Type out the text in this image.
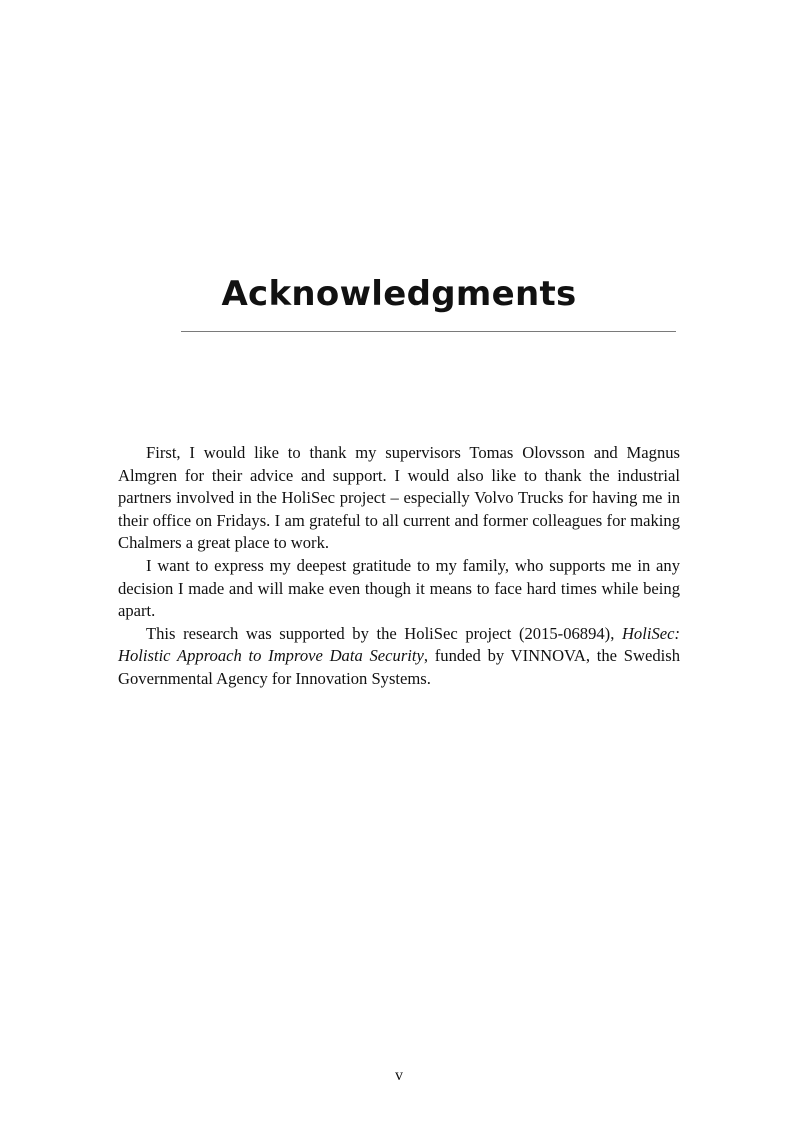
Acknowledgments

First, I would like to thank my supervisors Tomas Olovsson and Magnus Almgren for their advice and support. I would also like to thank the industrial partners involved in the HoliSec project – especially Volvo Trucks for having me in their office on Fridays. I am grateful to all current and former colleagues for making Chalmers a great place to work.

I want to express my deepest gratitude to my family, who supports me in any decision I made and will make even though it means to face hard times while being apart.

This research was supported by the HoliSec project (2015-06894), HoliSec: Holistic Approach to Improve Data Security, funded by VINNOVA, the Swedish Governmental Agency for Innovation Systems.

v
